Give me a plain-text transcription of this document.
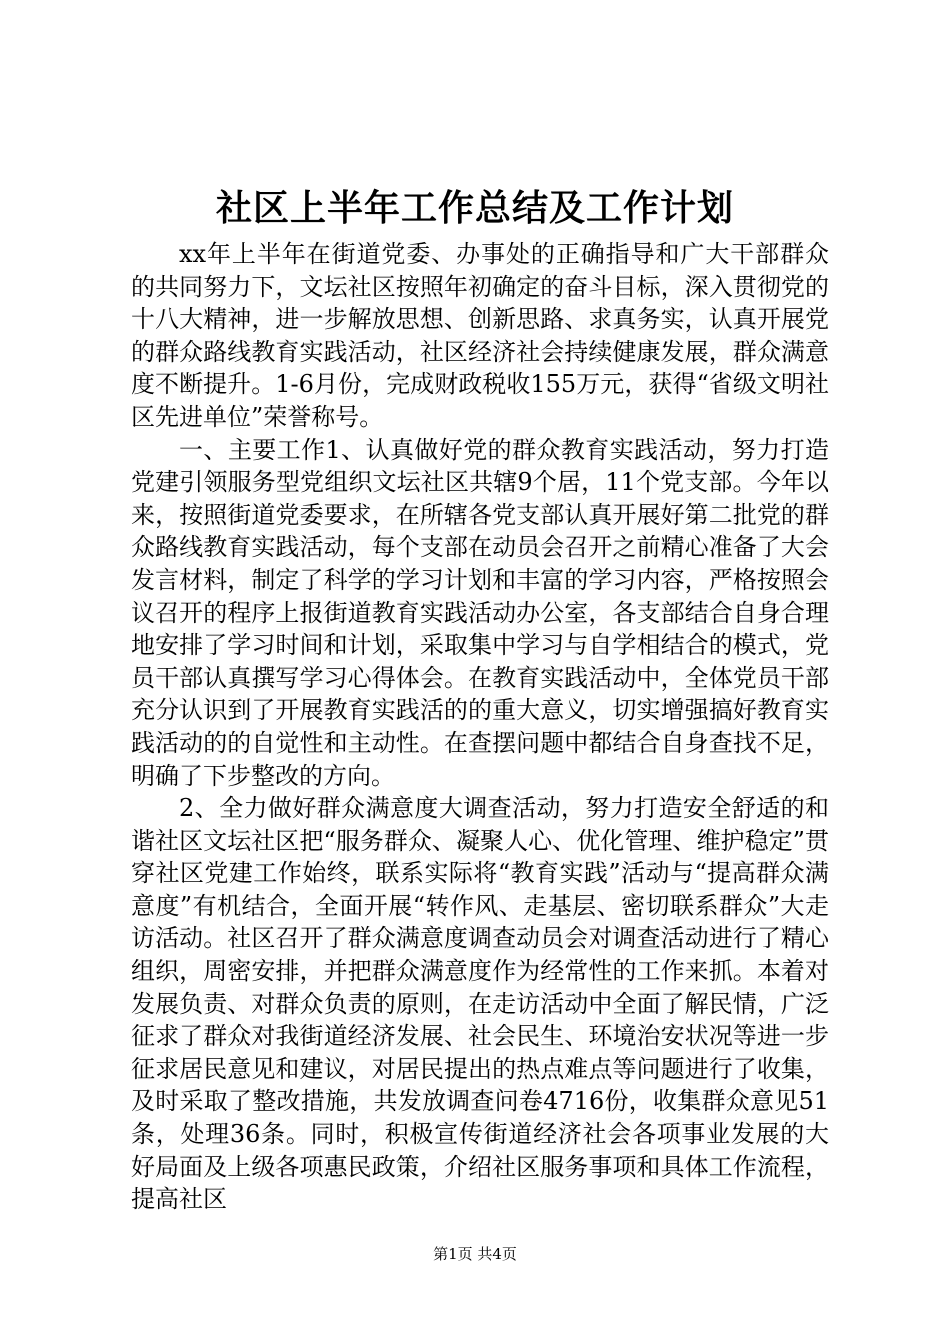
社区上半年工作总结及工作计划

xx年上半年在街道党委、办事处的正确指导和广大干部群众的共同努力下，文坛社区按照年初确定的奋斗目标，深入贯彻党的十八大精神，进一步解放思想、创新思路、求真务实，认真开展党的群众路线教育实践活动，社区经济社会持续健康发展，群众满意度不断提升。1-6月份，完成财政税收155万元，获得“省级文明社区先进单位”荣誉称号。

一、主要工作1、认真做好党的群众教育实践活动，努力打造党建引领服务型党组织文坛社区共辖9个居，11个党支部。今年以来，按照街道党委要求，在所辖各党支部认真开展好第二批党的群众路线教育实践活动，每个支部在动员会召开之前精心准备了大会发言材料，制定了科学的学习计划和丰富的学习内容，严格按照会议召开的程序上报街道教育实践活动办公室，各支部结合自身合理地安排了学习时间和计划，采取集中学习与自学相结合的模式，党员干部认真撰写学习心得体会。在教育实践活动中，全体党员干部充分认识到了开展教育实践活的的重大意义，切实增强搞好教育实践活动的的自觉性和主动性。在查摆问题中都结合自身查找不足，明确了下步整改的方向。

2、全力做好群众满意度大调查活动，努力打造安全舒适的和谐社区文坛社区把“服务群众、凝聚人心、优化管理、维护稳定”贯穿社区党建工作始终，联系实际将“教育实践”活动与“提高群众满意度”有机结合，全面开展“转作风、走基层、密切联系群众”大走访活动。社区召开了群众满意度调查动员会对调查活动进行了精心组织，周密安排，并把群众满意度作为经常性的工作来抓。本着对发展负责、对群众负责的原则，在走访活动中全面了解民情，广泛征求了群众对我街道经济发展、社会民生、环境治安状况等进一步征求居民意见和建议，对居民提出的热点难点等问题进行了收集，及时采取了整改措施，共发放调查问卷4716份，收集群众意见51条，处理36条。同时，积极宣传街道经济社会各项事业发展的大好局面及上级各项惠民政策，介绍社区服务事项和具体工作流程，提高社区

第1页 共4页
